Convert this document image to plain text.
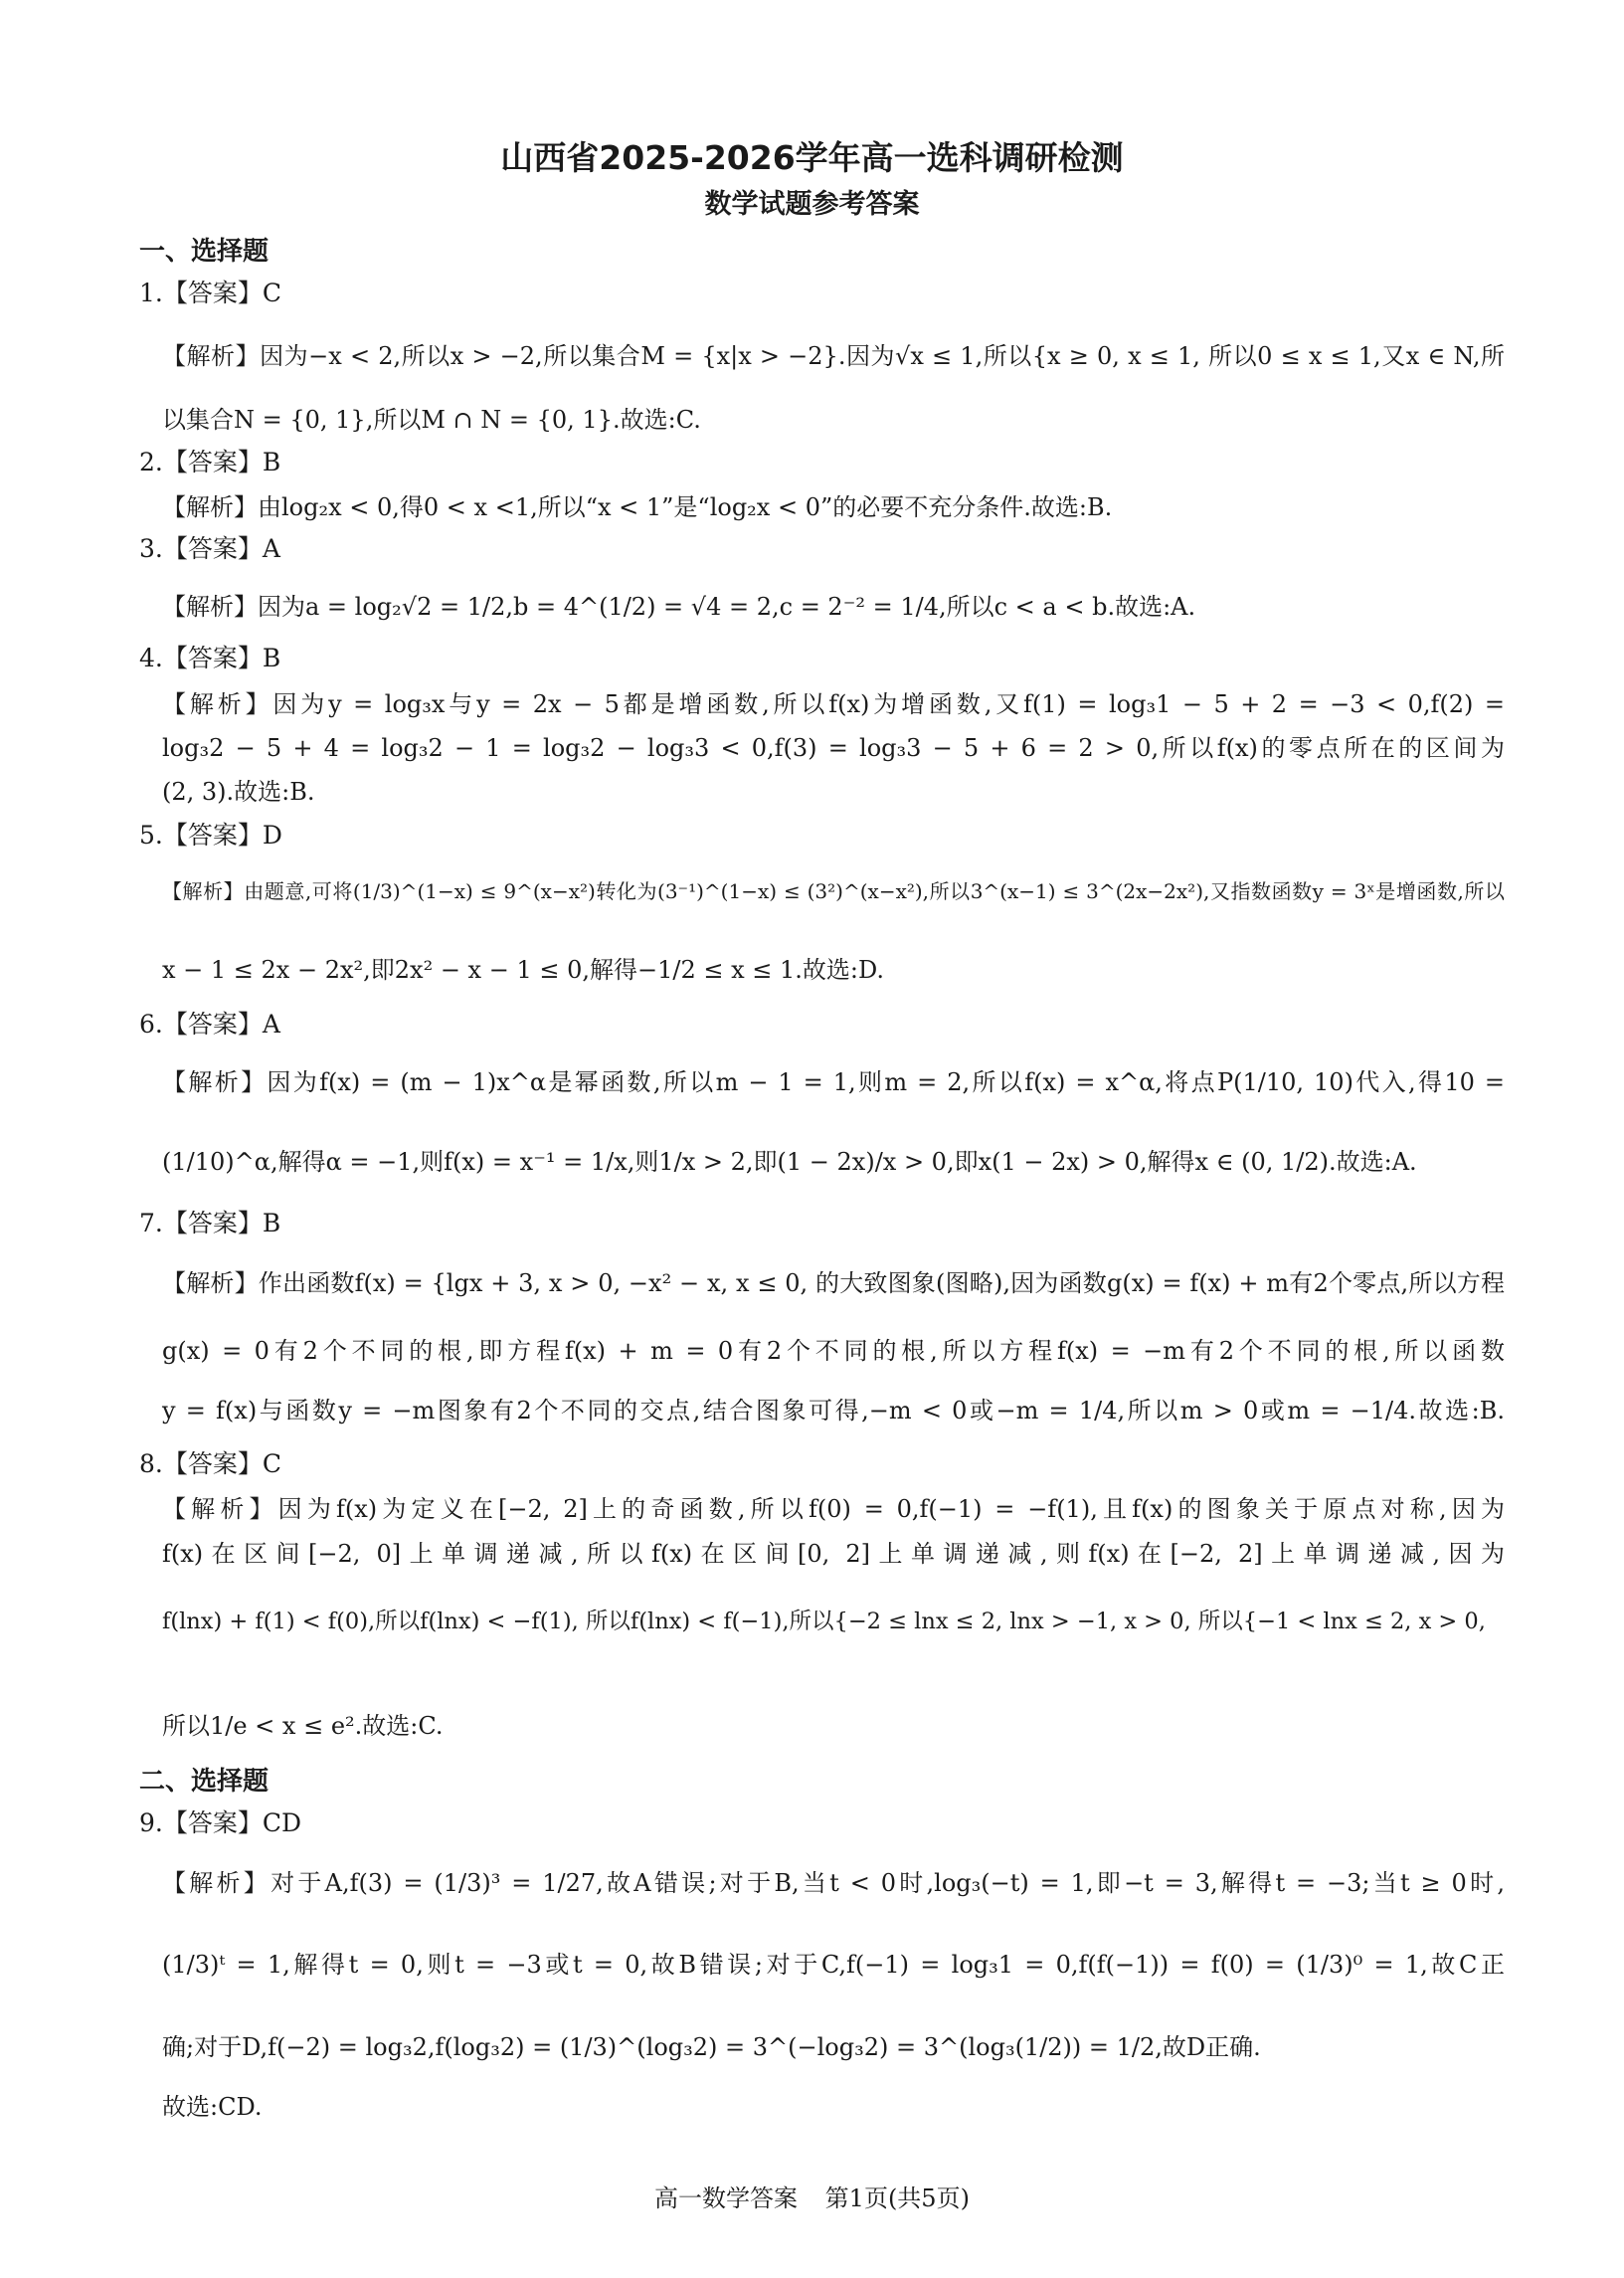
山西省2025-2026学年高一选科调研检测
数学试题参考答案
一、选择题
1.【答案】C
【解析】因为−x < 2,所以x > −2,所以集合M = {x|x > −2}.因为√x ≤ 1,所以{x ≥ 0, x ≤ 1, 所以0 ≤ x ≤ 1,又x ∈ N,所
以集合N = {0, 1},所以M ∩ N = {0, 1}.故选:C.
2.【答案】B
【解析】由log₂x < 0,得0 < x <1,所以“x < 1”是“log₂x < 0”的必要不充分条件.故选:B.
3.【答案】A
【解析】因为a = log₂√2 = 1/2,b = 4^(1/2) = √4 = 2,c = 2⁻² = 1/4,所以c < a < b.故选:A.
4.【答案】B
【解析】因为y = log₃x与y = 2x − 5都是增函数,所以f(x)为增函数,又f(1) = log₃1 − 5 + 2 = −3 < 0,f(2) =
log₃2 − 5 + 4 = log₃2 − 1 = log₃2 − log₃3 < 0,f(3) = log₃3 − 5 + 6 = 2 > 0,所以f(x)的零点所在的区间为
(2, 3).故选:B.
5.【答案】D
【解析】由题意,可将(1/3)^(1−x) ≤ 9^(x−x²)转化为(3⁻¹)^(1−x) ≤ (3²)^(x−x²),所以3^(x−1) ≤ 3^(2x−2x²),又指数函数y = 3ˣ是增函数,所以
x − 1 ≤ 2x − 2x²,即2x² − x − 1 ≤ 0,解得−1/2 ≤ x ≤ 1.故选:D.
6.【答案】A
【解析】因为f(x) = (m − 1)x^α是幂函数,所以m − 1 = 1,则m = 2,所以f(x) = x^α,将点P(1/10, 10)代入,得10 =
(1/10)^α,解得α = −1,则f(x) = x⁻¹ = 1/x,则1/x > 2,即(1 − 2x)/x > 0,即x(1 − 2x) > 0,解得x ∈ (0, 1/2).故选:A.
7.【答案】B
【解析】作出函数f(x) = {lgx + 3, x > 0, −x² − x, x ≤ 0, 的大致图象(图略),因为函数g(x) = f(x) + m有2个零点,所以方程
g(x) = 0有2个不同的根,即方程f(x) + m = 0有2个不同的根,所以方程f(x) = −m有2个不同的根,所以函数
y = f(x)与函数y = −m图象有2个不同的交点,结合图象可得,−m < 0或−m = 1/4,所以m > 0或m = −1/4.故选:B.
8.【答案】C
【解析】因为f(x)为定义在[−2, 2]上的奇函数,所以f(0) = 0,f(−1) = −f(1),且f(x)的图象关于原点对称,因为
f(x)在区间[−2, 0]上单调递减,所以f(x)在区间[0, 2]上单调递减,则f(x)在[−2, 2]上单调递减,因为
f(lnx) + f(1) < f(0),所以f(lnx) < −f(1), 所以f(lnx) < f(−1),所以{−2 ≤ lnx ≤ 2, lnx > −1, x > 0, 所以{−1 < lnx ≤ 2, x > 0,
所以1/e < x ≤ e².故选:C.
二、选择题
9.【答案】CD
【解析】对于A,f(3) = (1/3)³ = 1/27,故A错误;对于B,当t < 0时,log₃(−t) = 1,即−t = 3,解得t = −3;当t ≥ 0时,
(1/3)ᵗ = 1,解得t = 0,则t = −3或t = 0,故B错误;对于C,f(−1) = log₃1 = 0,f(f(−1)) = f(0) = (1/3)⁰ = 1,故C正
确;对于D,f(−2) = log₃2,f(log₃2) = (1/3)^(log₃2) = 3^(−log₃2) = 3^(log₃(1/2)) = 1/2,故D正确.
故选:CD.
高一数学答案 第1页(共5页)
